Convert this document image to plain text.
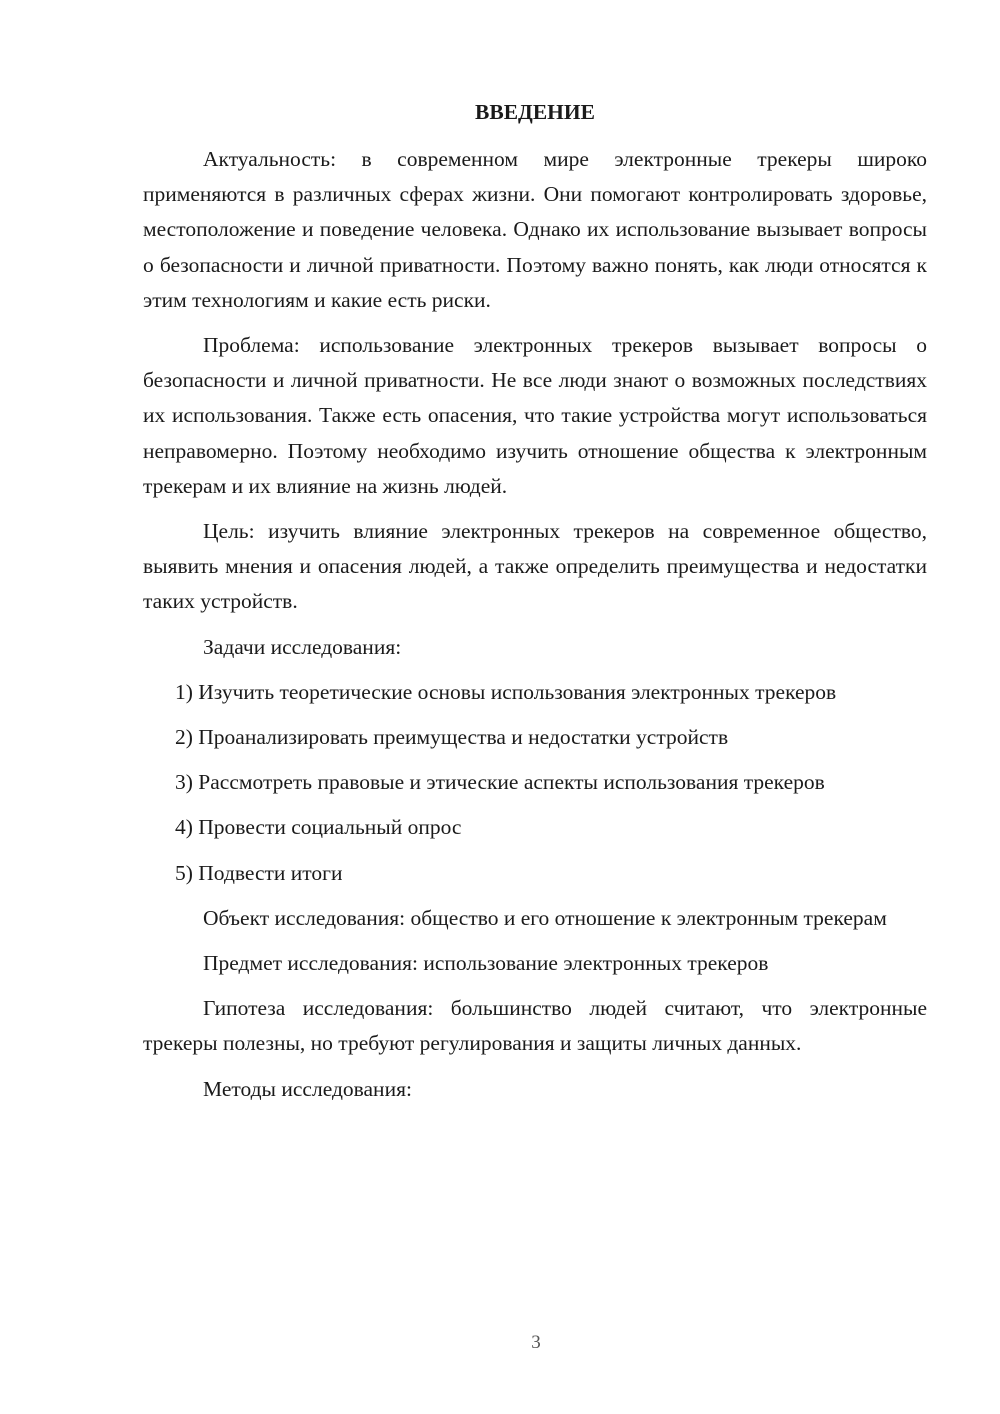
ВВЕДЕНИЕ

Актуальность: в современном мире электронные трекеры широко применяются в различных сферах жизни. Они помогают контролировать здоровье, местоположение и поведение человека. Однако их использование вызывает вопросы о безопасности и личной приватности. Поэтому важно понять, как люди относятся к этим технологиям и какие есть риски.

Проблема: использование электронных трекеров вызывает вопросы о безопасности и личной приватности. Не все люди знают о возможных последствиях их использования. Также есть опасения, что такие устройства могут использоваться неправомерно. Поэтому необходимо изучить отношение общества к электронным трекерам и их влияние на жизнь людей.

Цель: изучить влияние электронных трекеров на современное общество, выявить мнения и опасения людей, а также определить преимущества и недостатки таких устройств.

Задачи исследования:

1) Изучить теоретические основы использования электронных трекеров

2) Проанализировать преимущества и недостатки устройств

3) Рассмотреть правовые и этические аспекты использования трекеров

4) Провести социальный опрос

5) Подвести итоги

Объект исследования: общество и его отношение к электронным трекерам

Предмет исследования: использование электронных трекеров

Гипотеза исследования: большинство людей считают, что электронные трекеры полезны, но требуют регулирования и защиты личных данных.

Методы исследования:

3
